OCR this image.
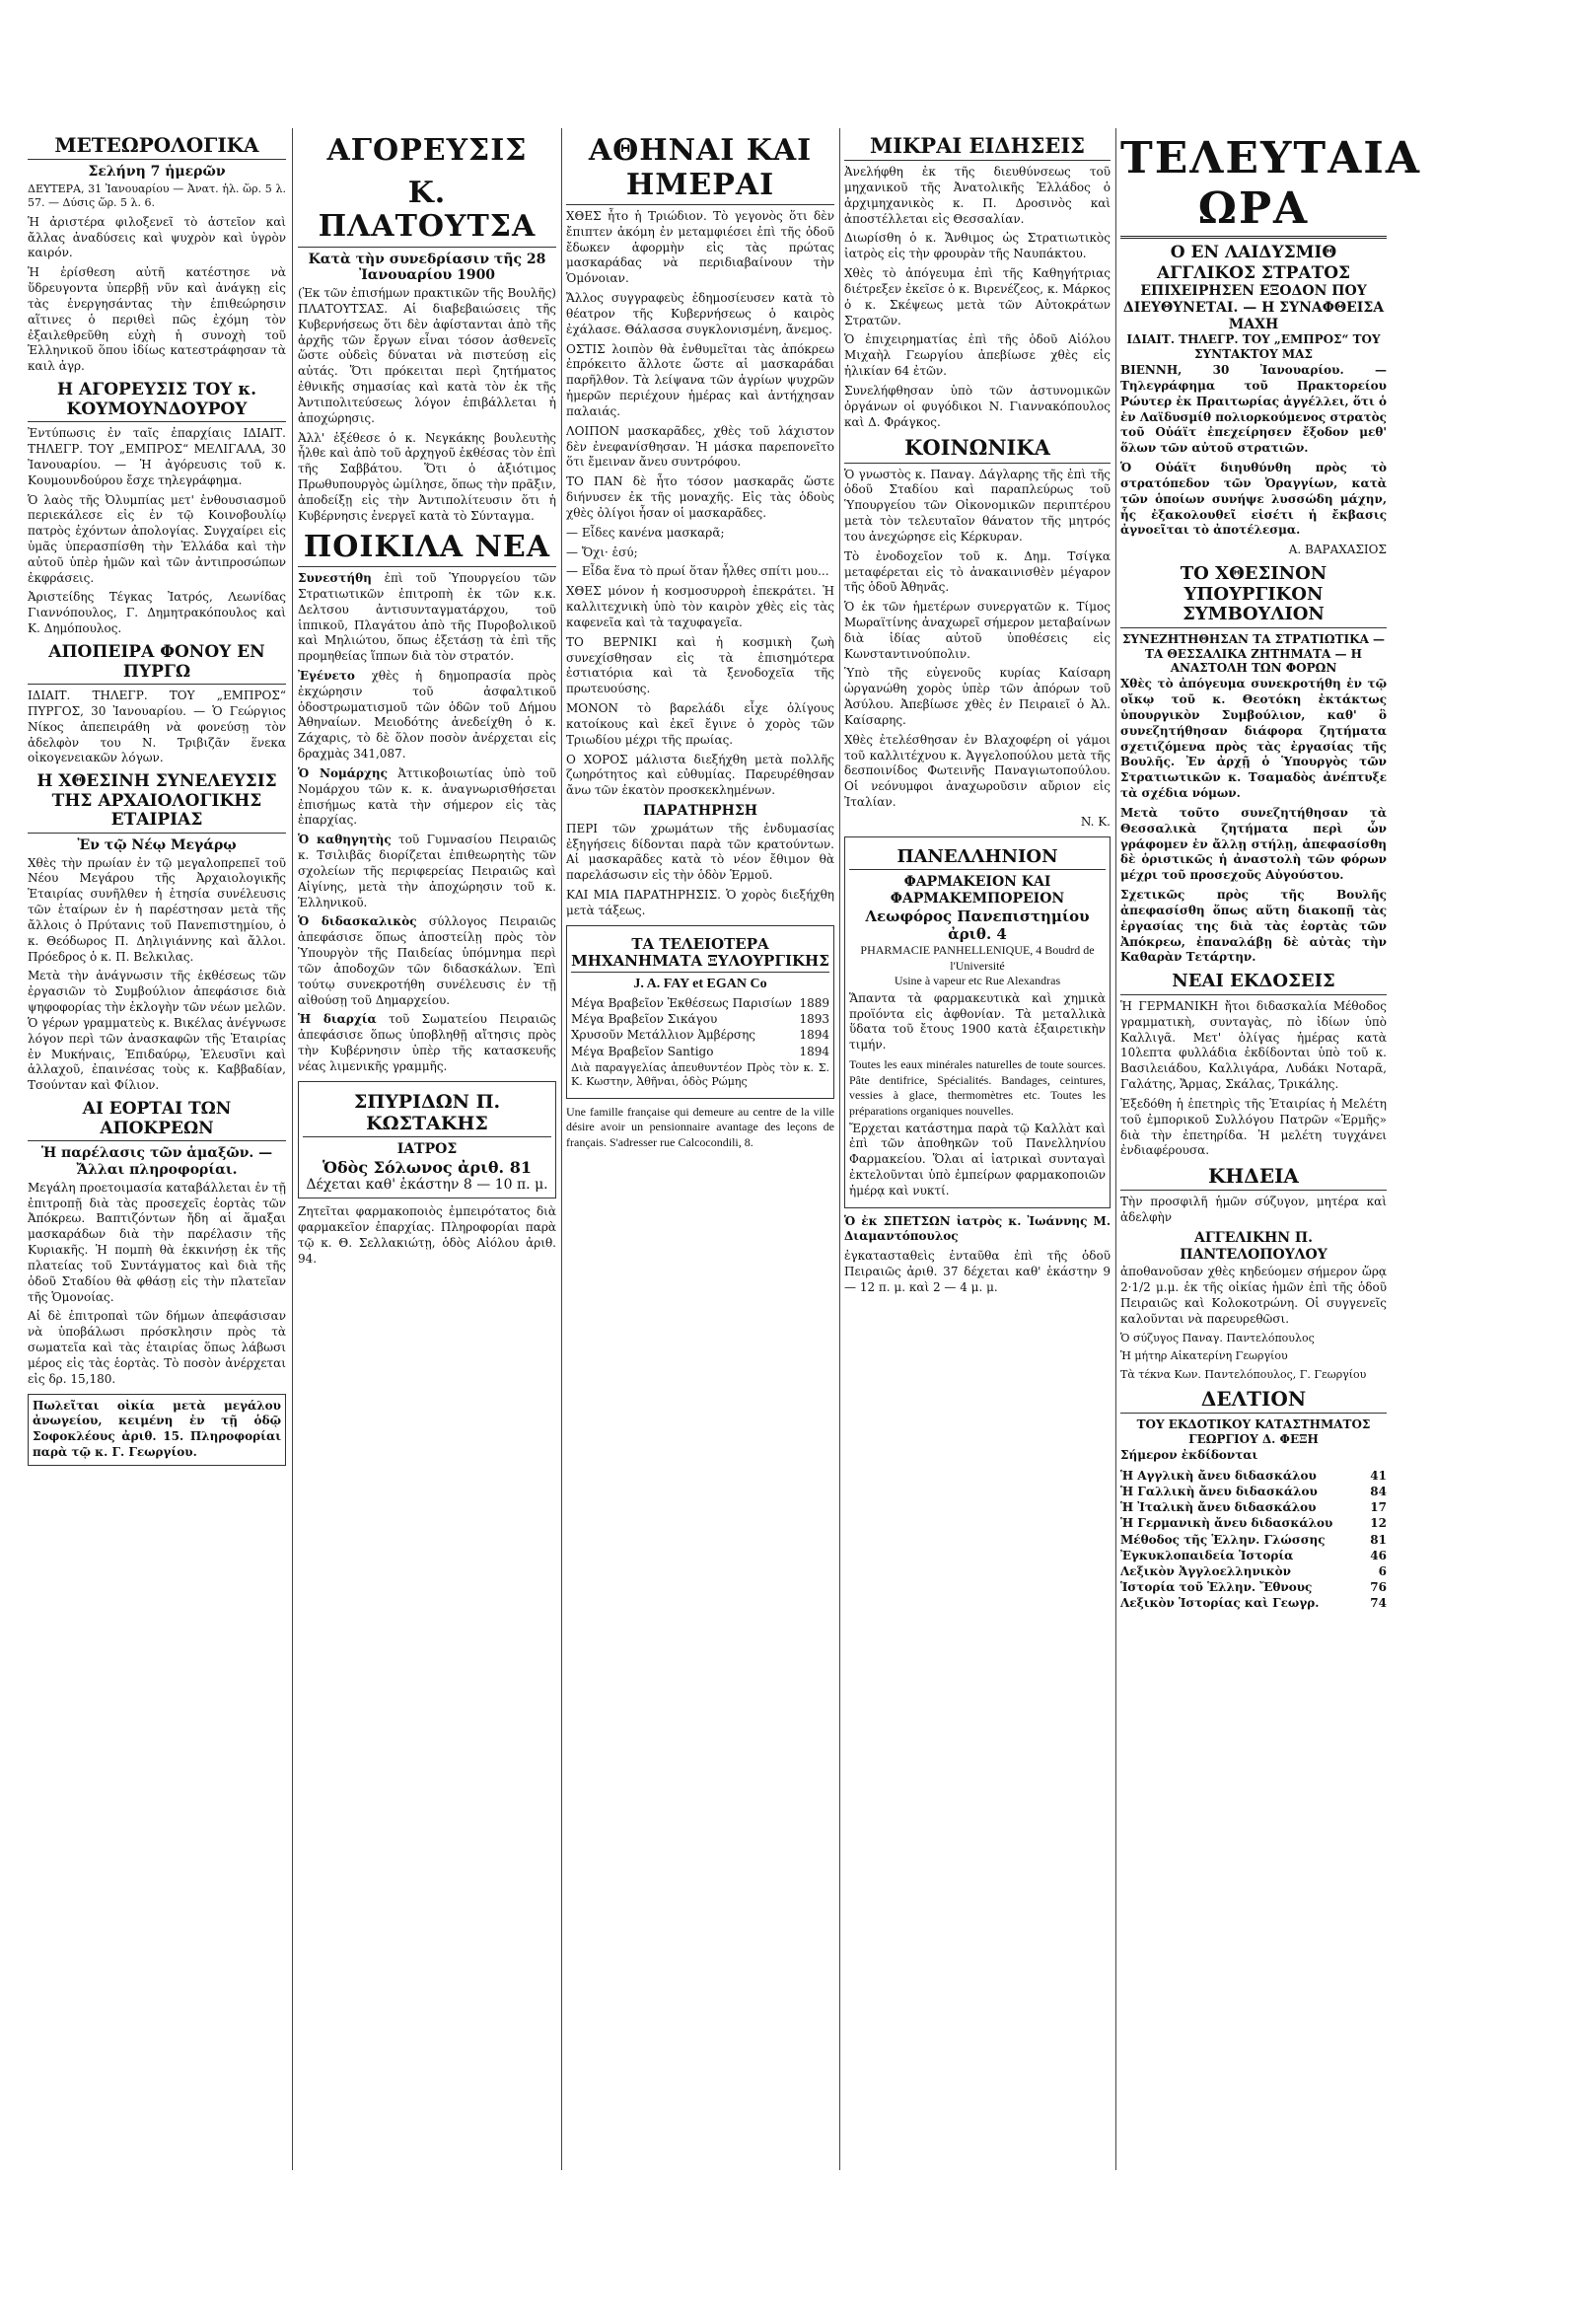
ΜΕΤΕΩΡΟΛΟΓΙΚΑ
Σελήνη 7 ἡμερῶν
ΔΕΥΤΕΡΑ, 31 Ἰανουαρίου — Ἀνατ. ἡλ. ὥρ. 5 λ. 57. — Δύσις ὥρ. 5 λ. 6.
Ἡ ἀριστέρα φιλοξενεῖ τὸ ἀστεῖον καὶ ἄλλας ἀναδύσεις καὶ ψυχρὸν καὶ ὑγρὸν καιρόν.
Ἡ ἐρίσθεση αὐτῆ κατέστησε νὰ ὕδρευγοντα ὑπερβῇ νῦν καὶ ἀνάγκῃ εἰς τὰς ἐνεργησάντας τὴν ἐπιθεώρησιν αἵτινες ὁ περιθεὶ πῶς ἐχόμη τὸν ἐξαιλεθρεῦθη εὐχὴ ἡ συνοχὴ τοῦ Ἑλληνικοῦ ὅπου ἰδίως κατεστράφησαν τὰ καιλ ἀγρ.
Η ΑΓΟΡΕΥΣΙΣ ΤΟΥ κ. ΚΟΥΜΟΥΝΔΟΥΡΟΥ
Ἐντύπωσις ἐν ταῖς ἐπαρχίαις ΙΔΙΑΙΤ. ΤΗΛΕΓΡ. ΤΟΥ „ΕΜΠΡΟΣ“ ΜΕΛΙΓΑΛΑ, 30 Ἰανουαρίου. — Ἡ ἀγόρευσις τοῦ κ. Κουμουνδούρου ἔσχε τηλεγράφημα.
Ὁ λαὸς τῆς Ὀλυμπίας μετ' ἐνθουσιασμοῦ περιεκάλεσε εἰς ἐν τῷ Κοινοβουλίῳ πατρὸς ἐχόντων ἀπολογίας. Συγχαίρει εἰς ὑμᾶς ὑπερασπίσθη τὴν Ἑλλάδα καὶ τὴν αὐτοῦ ὑπὲρ ἡμῶν καὶ τῶν ἀντιπροσώπων ἐκφράσεις.
Ἀριστείδης Τέγκας Ἰατρός, Λεωνίδας Γιαννόπουλος, Γ. Δημητρακόπουλος καὶ Κ. Δημόπουλος.
ΑΠΟΠΕΙΡΑ ΦΟΝΟΥ ΕΝ ΠΥΡΓΩ
ΙΔΙΑΙΤ. ΤΗΛΕΓΡ. ΤΟΥ „ΕΜΠΡΟΣ“ ΠΥΡΓΟΣ, 30 Ἰανουαρίου. — Ὁ Γεώργιος Νίκος ἀπεπειράθη νὰ φονεύσῃ τὸν ἀδελφὸν του Ν. Τριβιζᾶν ἕνεκα οἰκογενειακῶν λόγων.
Η ΧΘΕΣΙΝΗ ΣΥΝΕΛΕΥΣΙΣ ΤΗΣ ΑΡΧΑΙΟΛΟΓΙΚΗΣ ΕΤΑΙΡΙΑΣ
Ἐν τῷ Νέῳ Μεγάρῳ
Χθὲς τὴν πρωίαν ἐν τῷ μεγαλοπρεπεῖ τοῦ Νέου Μεγάρου τῆς Ἀρχαιολογικῆς Ἑταιρίας συνῆλθεν ἡ ἐτησία συνέλευσις τῶν ἑταίρων ἐν ἡ παρέστησαν μετὰ τῆς ἄλλοις ὁ Πρύτανις τοῦ Πανεπιστημίου, ὁ κ. Θεόδωρος Π. Δηλιγιάννης καὶ ἄλλοι. Πρόεδρος ὁ κ. Π. Βελκιλας.
Μετὰ τὴν ἀνάγνωσιν τῆς ἐκθέσεως τῶν ἐργασιῶν τὸ Συμβούλιον ἀπεφάσισε διὰ ψηφοφορίας τὴν ἐκλογὴν τῶν νέων μελῶν. Ὁ γέρων γραμματεὺς κ. Βικέλας ἀνέγνωσε λόγον περὶ τῶν ἀνασκαφῶν τῆς Ἐταιρίας ἐν Μυκήναις, Ἐπιδαύρῳ, Ἐλευσῖνι καὶ ἀλλαχοῦ, ἐπαινέσας τοὺς κ. Καββαδίαν, Τσούνταν καὶ Φίλιον.
ΑΙ ΕΟΡΤΑΙ ΤΩΝ ΑΠΟΚΡΕΩΝ
Ἡ παρέλασις τῶν ἁμαξῶν. — Ἄλλαι πληροφορίαι.
Μεγάλη προετοιμασία καταβάλλεται ἐν τῇ ἐπιτροπῇ διὰ τὰς προσεχεῖς ἑορτὰς τῶν Ἀπόκρεω. Βαπτιζόντων ἤδη αἱ ἅμαξαι μασκαράδων διὰ τὴν παρέλασιν τῆς Κυριακῆς. Ἡ πομπὴ θὰ ἐκκινήσῃ ἐκ τῆς πλατείας τοῦ Συντάγματος καὶ διὰ τῆς ὁδοῦ Σταδίου θὰ φθάσῃ εἰς τὴν πλατεῖαν τῆς Ὁμονοίας.
Αἱ δὲ ἐπιτροπαὶ τῶν δήμων ἀπεφάσισαν νὰ ὑποβάλωσι πρόσκλησιν πρὸς τὰ σωματεῖα καὶ τὰς ἑταιρίας ὅπως λάβωσι μέρος εἰς τὰς ἑορτὰς. Τὸ ποσὸν ἀνέρχεται εἰς δρ. 15,180.
Πωλεῖται οἰκία μετὰ μεγάλου ἀνωγείου, κειμένη ἐν τῇ ὁδῷ Σοφοκλέους ἀριθ. 15. Πληροφορίαι παρὰ τῷ κ. Γ. Γεωργίου.
ΑΓΟΡΕΥΣΙΣ
Κ. ΠΛΑΤΟΥΤΣΑ
Κατὰ τὴν συνεδρίασιν τῆς 28 Ἰανουαρίου 1900
(Ἐκ τῶν ἐπισήμων πρακτικῶν τῆς Βουλῆς) ΠΛΑΤΟΥΤΣΑΣ. Αἱ διαβεβαιώσεις τῆς Κυβερνήσεως ὅτι δὲν ἀφίστανται ἀπὸ τῆς ἀρχῆς τῶν ἔργων εἶναι τόσον ἀσθενεῖς ὥστε οὐδεὶς δύναται νὰ πιστεύσῃ εἰς αὐτάς. Ὅτι πρόκειται περὶ ζητήματος ἐθνικῆς σημασίας καὶ κατὰ τὸν ἐκ τῆς Ἀντιπολιτεύσεως λόγον ἐπιβάλλεται ἡ ἀποχώρησις.
Ἀλλ' ἐξέθεσε ὁ κ. Νεγκάκης βουλευτὴς ἦλθε καὶ ἀπὸ τοῦ ἀρχηγοῦ ἐκθέσας τὸν ἐπὶ τῆς Σαββάτου. Ὅτι ὁ ἀξιότιμος Πρωθυπουργὸς ὡμίλησε, ὅπως τὴν πρᾶξιν, ἀποδείξῃ εἰς τὴν Ἀντιπολίτευσιν ὅτι ἡ Κυβέρνησις ἐνεργεῖ κατὰ τὸ Σύνταγμα.
ΠΟΙΚΙΛΑ ΝΕΑ
Συνεστήθη ἐπὶ τοῦ Ὑπουργείου τῶν Στρατιωτικῶν ἐπιτροπὴ ἐκ τῶν κ.κ. Δελτσου ἀντισυνταγματάρχου, τοῦ ἱππικοῦ, Πλαγάτου ἀπὸ τῆς Πυροβολικοῦ καὶ Μηλιώτου, ὅπως ἐξετάσῃ τὰ ἐπὶ τῆς προμηθείας ἵππων διὰ τὸν στρατόν.
Ἐγένετο χθὲς ἡ δημοπρασία πρὸς ἐκχώρησιν τοῦ ἀσφαλτικοῦ ὀδοστρωματισμοῦ τῶν ὁδῶν τοῦ Δήμου Ἀθηναίων. Μειοδότης ἀνεδείχθη ὁ κ. Ζάχαρις, τὸ δὲ ὅλον ποσὸν ἀνέρχεται εἰς δραχμὰς 341,087.
Ὁ Νομάρχης Ἀττικοβοιωτίας ὑπὸ τοῦ Νομάρχου τῶν κ. κ. ἀναγνωρισθήσεται ἐπισήμως κατὰ τὴν σήμερον εἰς τὰς ἐπαρχίας.
Ὁ καθηγητὴς τοῦ Γυμνασίου Πειραιῶς κ. Τσιλιβᾶς διορίζεται ἐπιθεωρητὴς τῶν σχολείων τῆς περιφερείας Πειραιῶς καὶ Αἰγίνης, μετὰ τὴν ἀποχώρησιν τοῦ κ. Ἑλληνικοῦ.
Ὁ διδασκαλικὸς σύλλογος Πειραιῶς ἀπεφάσισε ὅπως ἀποστείλῃ πρὸς τὸν Ὑπουργὸν τῆς Παιδείας ὑπόμνημα περὶ τῶν ἀποδοχῶν τῶν διδασκάλων. Ἐπὶ τούτῳ συνεκροτήθη συνέλευσις ἐν τῇ αἰθούσῃ τοῦ Δημαρχείου.
Ἡ διαρχία τοῦ Σωματείου Πειραιῶς ἀπεφάσισε ὅπως ὑποβληθῇ αἴτησις πρὸς τὴν Κυβέρνησιν ὑπὲρ τῆς κατασκευῆς νέας λιμενικῆς γραμμῆς.
ΣΠΥΡΙΔΩΝ Π. ΚΩΣΤΑΚΗΣ
ΙΑΤΡΟΣ
Ὁδὸς Σόλωνος ἀριθ. 81
Δέχεται καθ' ἑκάστην 8 — 10 π. μ.
Ζητεῖται φαρμακοποιὸς ἐμπειρότατος διὰ φαρμακεῖον ἐπαρχίας. Πληροφορίαι παρὰ τῷ κ. Θ. Σελλακιώτῃ, ὁδὸς Αἰόλου ἀριθ. 94.
ΑΘΗΝΑΙ ΚΑΙ ΗΜΕΡΑΙ
ΧΘΕΣ ἦτο ἡ Τριώδιον. Τὸ γεγονὸς ὅτι δὲν ἔπιπτεν ἀκόμη ἐν μεταμφιέσει ἐπὶ τῆς ὁδοῦ ἔδωκεν ἀφορμὴν εἰς τὰς πρώτας μασκαράδας νὰ περιδιαβαίνουν τὴν Ὁμόνοιαν.
Ἄλλος συγγραφεὺς ἐδημοσίευσεν κατὰ τὸ θέατρον τῆς Κυβερνήσεως ὁ καιρὸς ἐχάλασε. Θάλασσα συγκλονισμένη, ἄνεμος.
ΟΣΤΙΣ λοιπὸν θὰ ἐνθυμεῖται τὰς ἀπόκρεω ἐπρόκειτο ἄλλοτε ὥστε αἱ μασκαράδαι παρῆλθον. Τὰ λείψανα τῶν ἀγρίων ψυχρῶν ἡμερῶν περιέχουν ἡμέρας καὶ ἀντήχησαν παλαιάς.
ΛΟΙΠΟΝ μασκαρᾶδες, χθὲς τοῦ λάχιστον δὲν ἐνεφανίσθησαν. Ἡ μάσκα παρεπονεῖτο ὅτι ἔμειναν ἄνευ συντρόφου.
ΤΟ ΠΑΝ δὲ ἦτο τόσον μασκαρᾶς ὥστε διήνυσεν ἐκ τῆς μοναχῆς. Εἰς τὰς ὁδοὺς χθὲς ὀλίγοι ἦσαν οἱ μασκαρᾶδες.
— Εἶδες κανένα μασκαρᾶ;
— Ὄχι· ἐσύ;
— Εἶδα ἕνα τὸ πρωί ὅταν ἦλθες σπίτι μου...
ΧΘΕΣ μόνον ἡ κοσμοσυρροὴ ἐπεκράτει. Ἡ καλλιτεχνικὴ ὑπὸ τὸν καιρὸν χθὲς εἰς τὰς καφενεῖα καὶ τὰ ταχυφαγεῖα.
ΤΟ ΒΕΡΝΙΚΙ καὶ ἡ κοσμικὴ ζωὴ συνεχίσθησαν εἰς τὰ ἐπισημότερα ἐστιατόρια καὶ τὰ ξενοδοχεῖα τῆς πρωτευούσης.
ΜΟΝΟΝ τὸ βαρελάδι εἶχε ὀλίγους κατοίκους καὶ ἐκεῖ ἔγινε ὁ χορὸς τῶν Τριωδίου μέχρι τῆς πρωίας.
Ο ΧΟΡΟΣ μάλιστα διεξήχθη μετὰ πολλῆς ζωηρότητος καὶ εὐθυμίας. Παρευρέθησαν ἄνω τῶν ἑκατὸν προσκεκλημένων.
ΠΑΡΑΤΗΡΗΣΗ
ΠΕΡΙ τῶν χρωμάτων τῆς ἐνδυμασίας ἐξηγήσεις δίδονται παρὰ τῶν κρατούντων. Αἱ μασκαρᾶδες κατὰ τὸ νέον ἔθιμον θὰ παρελάσωσιν εἰς τὴν ὁδὸν Ἑρμοῦ.
ΚΑΙ ΜΙΑ ΠΑΡΑΤΗΡΗΣΙΣ. Ὁ χορὸς διεξήχθη μετὰ τάξεως.
ΤΑ ΤΕΛΕΙΟΤΕΡΑ ΜΗΧΑΝΗΜΑΤΑ ΞΥΛΟΥΡΓΙΚΗΣ
J. A. FAY et EGAN Co
Μέγα Βραβεῖον Ἐκθέσεως Παρισίων 1889
Μέγα Βραβεῖον Σικάγου	1893
Χρυσοῦν Μετάλλιον Ἀμβέρσης	1894
Μέγα Βραβεῖον Santigo	1894
Διὰ παραγγελίας ἀπευθυντέον Πρὸς τὸν κ. Σ. Κ. Κωστην, Ἀθῆναι, ὁδὸς Ρώμης
Une famille française qui demeure au centre de la ville désire avoir un pensionnaire avantage des leçons de français. S'adresser rue Calcocondili, 8.
ΜΙΚΡΑΙ ΕΙΔΗΣΕΙΣ
Ἀνελήφθη ἐκ τῆς διευθύνσεως τοῦ μηχανικοῦ τῆς Ἀνατολικῆς Ἑλλάδος ὁ ἀρχιμηχανικὸς κ. Π. Δροσινὸς καὶ ἀποστέλλεται εἰς Θεσσαλίαν.
Διωρίσθη ὁ κ. Ἄνθιμος ὡς Στρατιωτικὸς ἰατρὸς εἰς τὴν φρουρὰν τῆς Ναυπάκτου.
Χθὲς τὸ ἀπόγευμα ἐπὶ τῆς Καθηγήτριας διέτρεξεν ἐκεῖσε ὁ κ. Βιρενέζεος, κ. Μάρκος ὁ κ. Σκέψεως μετὰ τῶν Αὐτοκράτων Στρατῶν.
Ὁ ἐπιχειρηματίας ἐπὶ τῆς ὁδοῦ Αἰόλου Μιχαὴλ Γεωργίου ἀπεβίωσε χθὲς εἰς ἡλικίαν 64 ἐτῶν.
Συνελήφθησαν ὑπὸ τῶν ἀστυνομικῶν ὀργάνων οἱ φυγόδικοι Ν. Γιαννακόπουλος καὶ Δ. Φράγκος.
ΚΟΙΝΩΝΙΚΑ
Ὁ γνωστὸς κ. Παναγ. Δάγλαρης τῆς ἐπὶ τῆς ὁδοῦ Σταδίου καὶ παραπλεύρως τοῦ Ὑπουργείου τῶν Οἰκονομικῶν περιπτέρου μετὰ τὸν τελευταῖον θάνατον τῆς μητρός του ἀνεχώρησε εἰς Κέρκυραν.
Τὸ ἐνοδοχεῖον τοῦ κ. Δημ. Τσίγκα μεταφέρεται εἰς τὸ ἀνακαινισθὲν μέγαρον τῆς ὁδοῦ Ἀθηνᾶς.
Ὁ ἐκ τῶν ἡμετέρων συνεργατῶν κ. Τίμος Μωραϊτίνης ἀναχωρεῖ σήμερον μεταβαίνων διὰ ἰδίας αὐτοῦ ὑποθέσεις εἰς Κωνσταντινούπολιν.
Ὑπὸ τῆς εὐγενοῦς κυρίας Καίσαρη ὠργανώθη χορὸς ὑπὲρ τῶν ἀπόρων τοῦ Ἀσύλου. Ἀπεβίωσε χθὲς ἐν Πειραιεῖ ὁ Ἀλ. Καίσαρης.
Χθὲς ἐτελέσθησαν ἐν Βλαχοφέρη οἱ γάμοι τοῦ καλλιτέχνου κ. Ἀγγελοπούλου μετὰ τῆς δεσποινίδος Φωτεινῆς Παναγιωτοπούλου. Οἱ νεόνυμφοι ἀναχωροῦσιν αὔριον εἰς Ἰταλίαν.
N. K.
ΠΑΝΕΛΛΗΝΙΟΝ
ΦΑΡΜΑΚΕΙΟΝ ΚΑΙ ΦΑΡΜΑΚΕΜΠΟΡΕΙΟΝ
Λεωφόρος Πανεπιστημίου ἀριθ. 4
PHARMACIE PANHELLENIQUE, 4 Boudrd de l'Université
Usine à vapeur etc Rue Alexandras
Ἅπαντα τὰ φαρμακευτικὰ καὶ χημικὰ προϊόντα εἰς ἀφθονίαν. Τὰ μεταλλικὰ ὕδατα τοῦ ἔτους 1900 κατὰ ἐξαιρετικὴν τιμήν.
Toutes les eaux minérales naturelles de toute sources. Pâte dentifrice, Spécialités. Bandages, ceintures, vessies à glace, thermomètres etc. Toutes les préparations organiques nouvelles.
Ἔρχεται κατάστημα παρὰ τῷ Καλλὰτ καὶ ἐπὶ τῶν ἀποθηκῶν τοῦ Πανελληνίου Φαρμακείου. Ὅλαι αἱ ἰατρικαὶ συνταγαὶ ἐκτελοῦνται ὑπὸ ἐμπείρων φαρμακοποιῶν ἡμέρᾳ καὶ νυκτί.
Ὁ ἐκ ΣΠΕΤΣΩΝ ἰατρὸς κ. Ἰωάννης Μ. Διαμαντόπουλος
ἐγκατασταθεὶς ἐνταῦθα ἐπὶ τῆς ὁδοῦ Πειραιῶς ἀριθ. 37 δέχεται καθ' ἑκάστην 9 — 12 π. μ. καὶ 2 — 4 μ. μ.
ΤΕΛΕΥΤΑΙΑ ΩΡΑ
Ο ΕΝ ΛΑΙΔΥΣΜΙΘ
ΑΓΓΛΙΚΟΣ ΣΤΡΑΤΟΣ
ΕΠΙΧΕΙΡΗΣΕΝ ΕΞΟΔΟΝ ΠΟΥ ΔΙΕΥΘΥΝΕΤΑΙ. — Η ΣΥΝΑΦΘΕΙΣΑ ΜΑΧΗ
ΙΔΙΑΙΤ. ΤΗΛΕΓΡ. ΤΟΥ „ΕΜΠΡΟΣ“ ΤΟΥ ΣΥΝΤΑΚΤΟΥ ΜΑΣ
ΒΙΕΝΝΗ, 30 Ἰανουαρίου. — Τηλεγράφημα τοῦ Πρακτορείου Ρώυτερ ἐκ Πραιτωρίας ἀγγέλλει, ὅτι ὁ ἐν Λαϊδυσμίθ πολιορκούμενος στρατὸς τοῦ Οὐάϊτ ἐπεχείρησεν ἔξοδον μεθ' ὅλων τῶν αὐτοῦ στρατιῶν.
Ὁ Οὐάϊτ διηυθύνθη πρὸς τὸ στρατόπεδον τῶν Ὀραγγίων, κατὰ τῶν ὁποίων συνήψε λυσσώδη μάχην, ἧς ἐξακολουθεῖ εἰσέτι ἡ ἔκβασις ἀγνοεῖται τὸ ἀποτέλεσμα.
Α. ΒΑΡΑΧΑΣΙΟΣ
ΤΟ ΧΘΕΣΙΝΟΝ ΥΠΟΥΡΓΙΚΟΝ ΣΥΜΒΟΥΛΙΟΝ
ΣΥΝΕΖΗΤΗΘΗΣΑΝ ΤΑ ΣΤΡΑΤΙΩΤΙΚΑ — ΤΑ ΘΕΣΣΑΛΙΚΑ ΖΗΤΗΜΑΤΑ — Η ΑΝΑΣΤΟΛΗ ΤΩΝ ΦΟΡΩΝ
Χθὲς τὸ ἀπόγευμα συνεκροτήθη ἐν τῷ οἴκῳ τοῦ κ. Θεοτόκη ἐκτάκτως ὑπουργικὸν Συμβούλιον, καθ' ὃ συνεζητήθησαν διάφορα ζητήματα σχετιζόμενα πρὸς τὰς ἐργασίας τῆς Βουλῆς. Ἐν ἀρχῇ ὁ Ὑπουργὸς τῶν Στρατιωτικῶν κ. Τσαμαδὸς ἀνέπτυξε τὰ σχέδια νόμων.
Μετὰ τοῦτο συνεζητήθησαν τὰ Θεσσαλικὰ ζητήματα περὶ ὧν γράφομεν ἐν ἄλλῃ στήλῃ, ἀπεφασίσθη δὲ ὁριστικῶς ἡ ἀναστολὴ τῶν φόρων μέχρι τοῦ προσεχοῦς Αὐγούστου.
Σχετικῶς πρὸς τῆς Βουλῆς ἀπεφασίσθη ὅπως αὕτη διακοπῇ τὰς ἐργασίας της διὰ τὰς ἑορτὰς τῶν Ἀπόκρεω, ἐπαναλάβῃ δὲ αὐτὰς τὴν Καθαρὰν Τετάρτην.
ΝΕΑΙ ΕΚΔΟΣΕΙΣ
Ἡ ΓΕΡΜΑΝΙΚΗ ἤτοι διδασκαλία Μέθοδος γραμματικὴ, συνταγὰς, πὸ ἰδίων ὑπὸ Καλλιγᾶ. Μετ' ὀλίγας ἡμέρας κατὰ 10λεπτα φυλλάδια ἐκδίδονται ὑπὸ τοῦ κ. Βασιλειάδου, Καλλιγάρα, Λυδάκι Νοταρᾶ, Γαλάτης, Ἄρμας, Σκάλας, Τρικάλης.
Ἐξεδόθη ἡ ἐπετηρὶς τῆς Ἑταιρίας ἡ Μελέτη τοῦ ἐμπορικοῦ Συλλόγου Πατρῶν «Ἑρμῆς» διὰ τὴν ἐπετηρίδα. Ἡ μελέτη τυγχάνει ἐνδιαφέρουσα.
ΚΗΔΕΙΑ
Τὴν προσφιλῆ ἡμῶν σύζυγον, μητέρα καὶ ἀδελφὴν
ΑΓΓΕΛΙΚΗΝ Π. ΠΑΝΤΕΛΟΠΟΥΛΟΥ
ἀποθανοῦσαν χθὲς κηδεύομεν σήμερον ὥρᾳ 2·1/2 μ.μ. ἐκ τῆς οἰκίας ἡμῶν ἐπὶ τῆς ὁδοῦ Πειραιῶς καὶ Κολοκοτρώνη. Οἱ συγγενεῖς καλοῦνται νὰ παρευρεθῶσι.
Ὁ σύζυγος Παναγ. Παντελόπουλος
Ἡ μήτηρ Αἰκατερίνη Γεωργίου
Τὰ τέκνα Κων. Παντελόπουλος, Γ. Γεωργίου
ΔΕΛΤΙΟΝ
ΤΟΥ ΕΚΔΟΤΙΚΟΥ ΚΑΤΑΣΤΗΜΑΤΟΣ ΓΕΩΡΓΙΟΥ Δ. ΦΕΞΗ
Σήμερον ἐκδίδονται
Ἡ Αγγλικὴ ἄνευ διδασκάλου	41
Ἡ Γαλλικὴ ἄνευ διδασκάλου	84
Ἡ Ἰταλικὴ ἄνευ διδασκάλου	17
Ἡ Γερμανικὴ ἄνευ διδασκάλου	12
Μέθοδος τῆς Ἑλλην. Γλώσσης	81
Ἐγκυκλοπαιδεία Ἱστορία	46
Λεξικὸν Ἀγγλοελληνικὸν	6
Ἱστορία τοῦ Ἑλλην. Ἔθνους	76
Λεξικὸν Ἱστορίας καὶ Γεωγρ.	74
